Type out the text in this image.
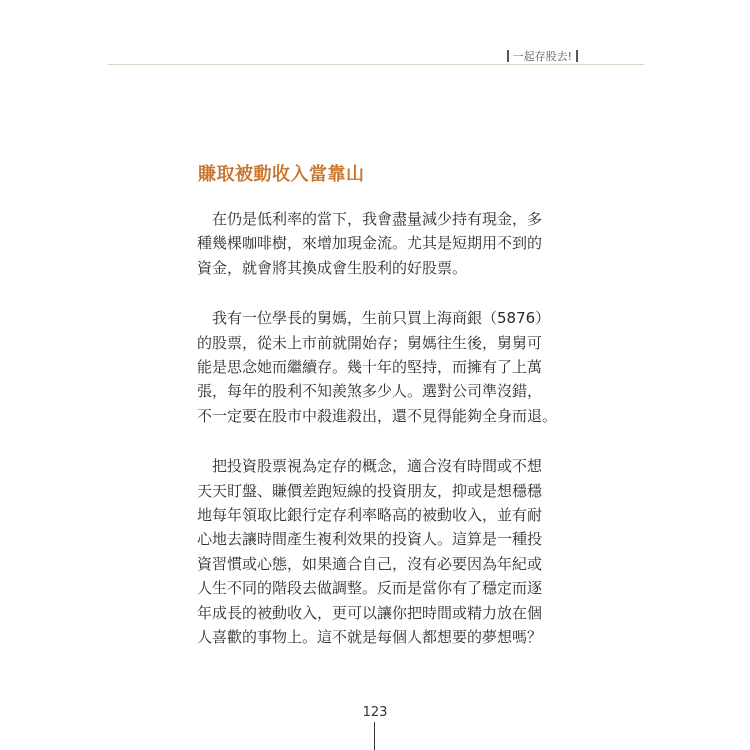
一起存股去!
賺取被動收入當靠山

在仍是低利率的當下，我會盡量減少持有現金，多
種幾棵咖啡樹，來增加現金流。尤其是短期用不到的
資金，就會將其換成會生股利的好股票。

我有一位學長的舅媽，生前只買上海商銀（5876）
的股票，從未上市前就開始存；舅媽往生後，舅舅可
能是思念她而繼續存。幾十年的堅持，而擁有了上萬
張，每年的股利不知羨煞多少人。選對公司準沒錯，
不一定要在股市中殺進殺出，還不見得能夠全身而退。

把投資股票視為定存的概念，適合沒有時間或不想
天天盯盤、賺價差跑短線的投資朋友，抑或是想穩穩
地每年領取比銀行定存利率略高的被動收入，並有耐
心地去讓時間產生複利效果的投資人。這算是一種投
資習慣或心態，如果適合自己，沒有必要因為年紀或
人生不同的階段去做調整。反而是當你有了穩定而逐
年成長的被動收入，更可以讓你把時間或精力放在個
人喜歡的事物上。這不就是每個人都想要的夢想嗎？

123
